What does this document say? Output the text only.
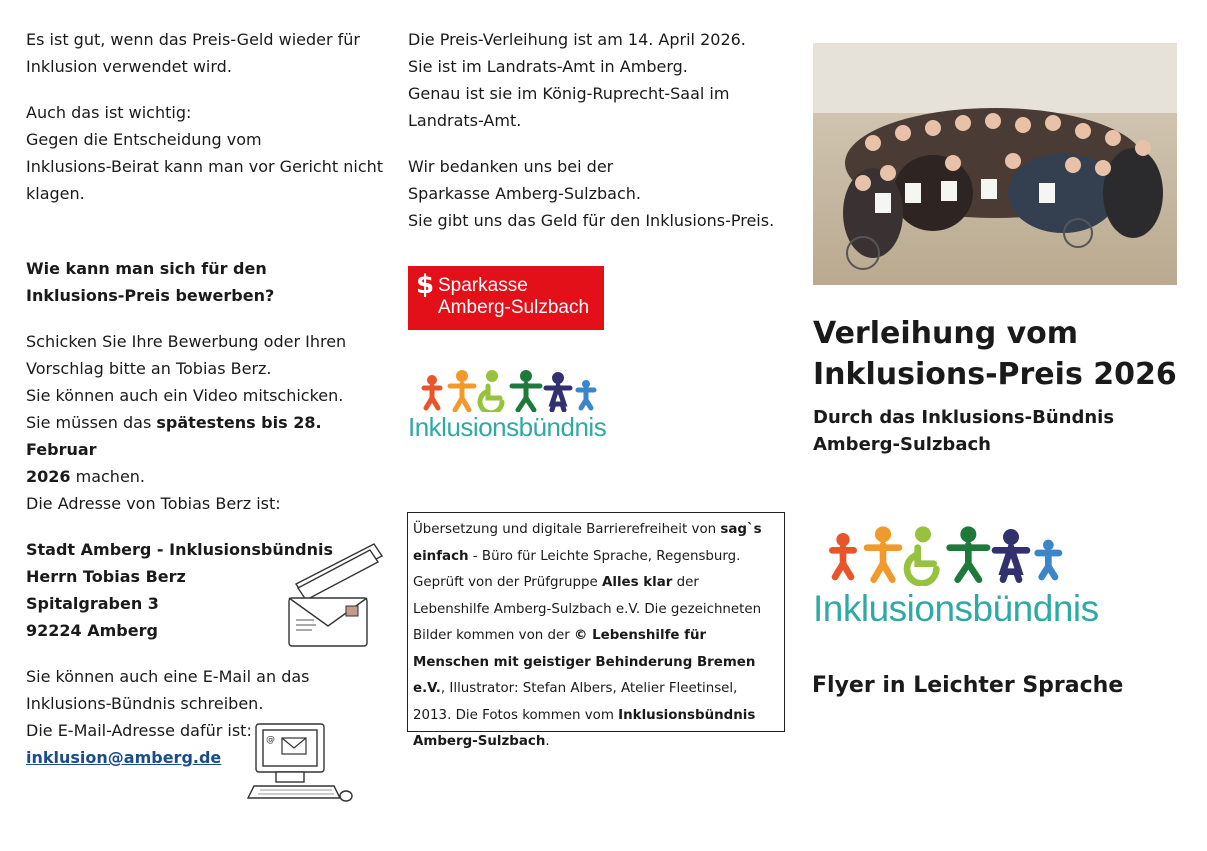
Es ist gut, wenn das Preis-Geld wieder für
Inklusion verwendet wird.

Auch das ist wichtig:
Gegen die Entscheidung vom
Inklusions-Beirat kann man vor Gericht nicht
klagen.

Wie kann man sich für den
Inklusions-Preis bewerben?

Schicken Sie Ihre Bewerbung oder Ihren
Vorschlag bitte an Tobias Berz.
Sie können auch ein Video mitschicken.
Sie müssen das spätestens bis 28. Februar
2026 machen.
Die Adresse von Tobias Berz ist:

Stadt Amberg - Inklusionsbündnis
Herrn Tobias Berz
Spitalgraben 3
92224 Amberg

Sie können auch eine E-Mail an das
Inklusions-Bündnis schreiben.
Die E-Mail-Adresse dafür ist:
inklusion@amberg.de

@

Die Preis-Verleihung ist am 14. April 2026.
Sie ist im Landrats-Amt in Amberg.
Genau ist sie im König-Ruprecht-Saal im
Landrats-Amt.

Wir bedanken uns bei der
Sparkasse Amberg-Sulzbach.
Sie gibt uns das Geld für den Inklusions-Preis.

$ Sparkasse
Amberg-Sulzbach
Inklusionsbündnis
Übersetzung und digitale Barrierefreiheit von sag`s einfach - Büro für Leichte Sprache, Regensburg. Geprüft von der Prüfgruppe Alles klar der Lebenshilfe Amberg-Sulzbach e.V. Die gezeichneten Bilder kommen von der © Lebenshilfe für Menschen mit geistiger Behinderung Bremen e.V., Illustrator: Stefan Albers, Atelier Fleetinsel, 2013. Die Fotos kommen vom Inklusionsbündnis Amberg-Sulzbach.
Verleihung vom
Inklusions-Preis 2026
Durch das Inklusions-Bündnis
Amberg-Sulzbach
Inklusionsbündnis
Flyer in Leichter Sprache
